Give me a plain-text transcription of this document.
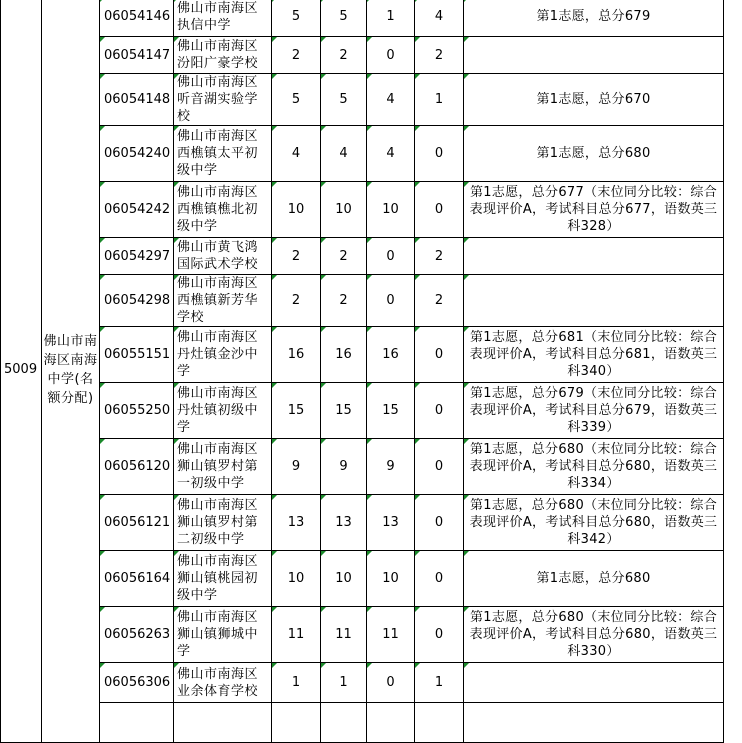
5009	佛山市南海区南海中学(名额分配)	06054146	佛山市南海区执信中学	5	5	1	4	第1志愿，总分679
		06054147	佛山市南海区汾阳广豪学校	2	2	0	2	
		06054148	佛山市南海区听音湖实验学校	5	5	4	1	第1志愿，总分670
		06054240	佛山市南海区西樵镇太平初级中学	4	4	4	0	第1志愿，总分680
		06054242	佛山市南海区西樵镇樵北初级中学	10	10	10	0	第1志愿，总分677（末位同分比较：综合表现评价A，考试科目总分677，语数英三科328）
		06054297	佛山市黄飞鸿国际武术学校	2	2	0	2	
		06054298	佛山市南海区西樵镇新芳华学校	2	2	0	2	
		06055151	佛山市南海区丹灶镇金沙中学	16	16	16	0	第1志愿，总分681（末位同分比较：综合表现评价A，考试科目总分681，语数英三科340）
		06055250	佛山市南海区丹灶镇初级中学	15	15	15	0	第1志愿，总分679（末位同分比较：综合表现评价A，考试科目总分679，语数英三科339）
		06056120	佛山市南海区狮山镇罗村第一初级中学	9	9	9	0	第1志愿，总分680（末位同分比较：综合表现评价A，考试科目总分680，语数英三科334）
		06056121	佛山市南海区狮山镇罗村第二初级中学	13	13	13	0	第1志愿，总分680（末位同分比较：综合表现评价A，考试科目总分680，语数英三科342）
		06056164	佛山市南海区狮山镇桃园初级中学	10	10	10	0	第1志愿，总分680
		06056263	佛山市南海区狮山镇狮城中学	11	11	11	0	第1志愿，总分680（末位同分比较：综合表现评价A，考试科目总分680，语数英三科330）
		06056306	佛山市南海区业余体育学校	1	1	0	1	
